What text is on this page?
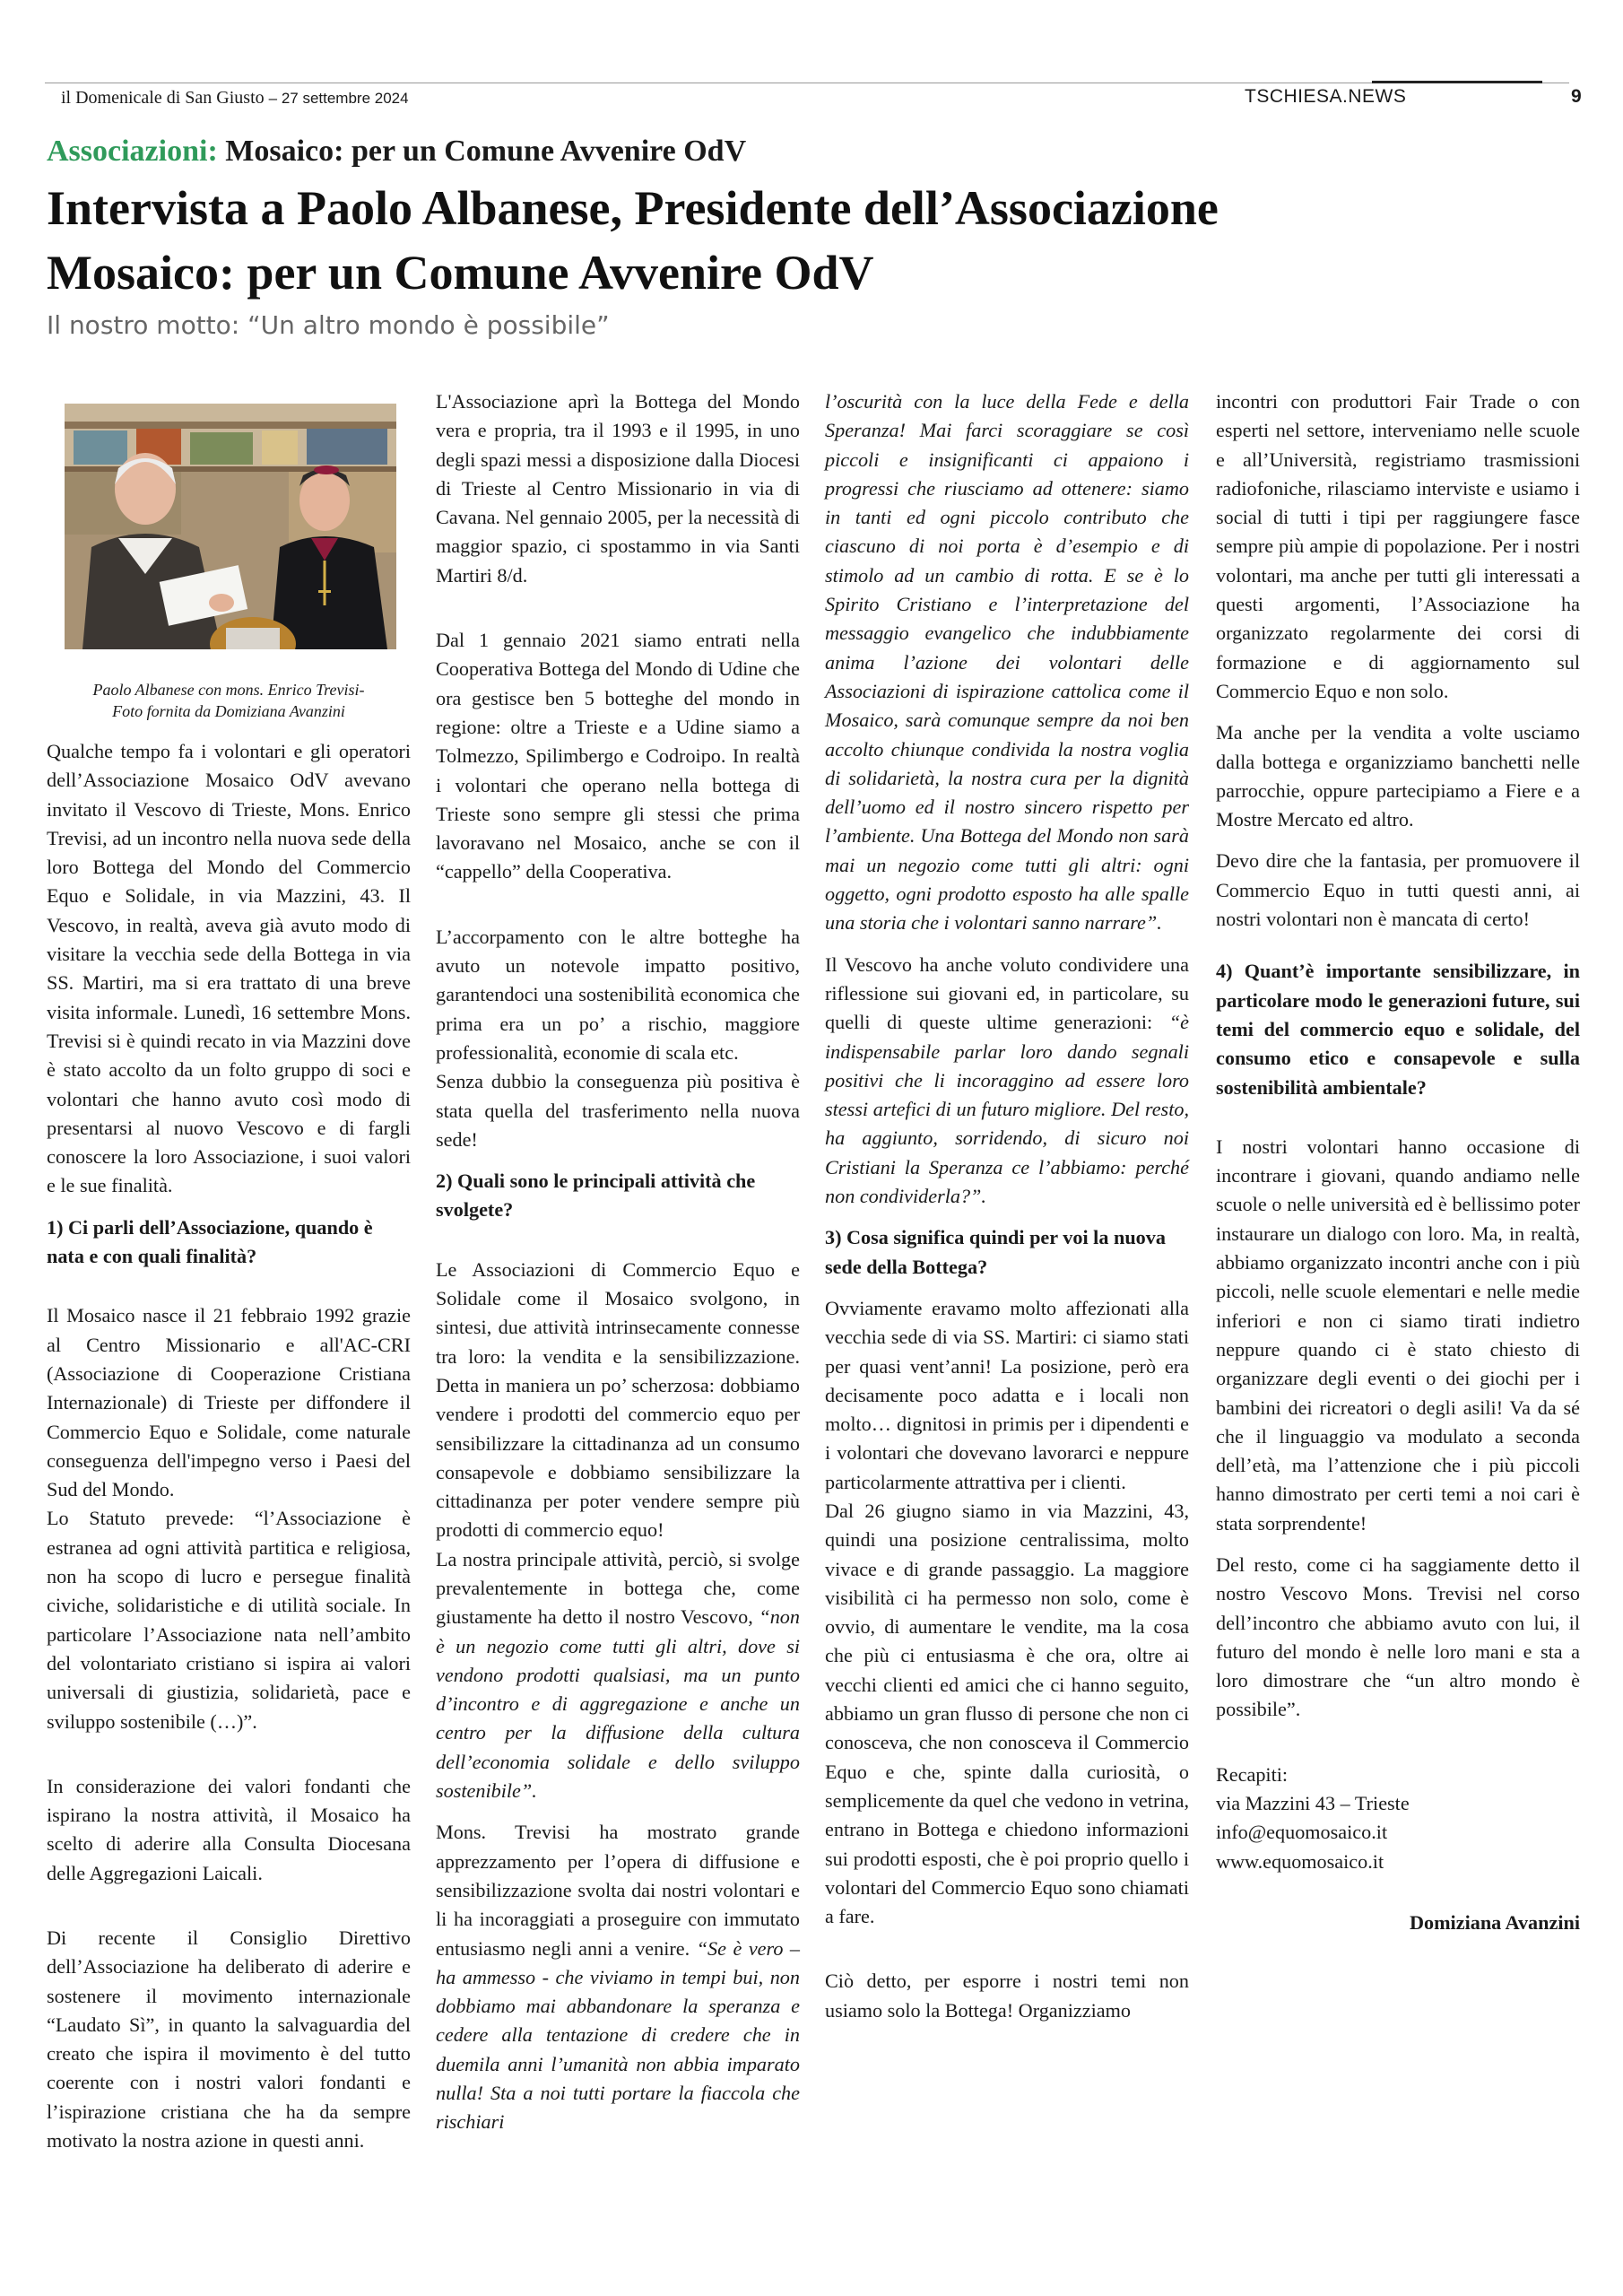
il Domenicale di San Giusto – 27 settembre 2024	TSCHIESA.NEWS	9
Associazioni: Mosaico: per un Comune Avvenire OdV
Intervista a Paolo Albanese, Presidente dell’Associazione
Mosaico: per un Comune Avvenire OdV
Il nostro motto: “Un altro mondo è possibile”
Paolo Albanese con mons. Enrico Trevisi-
Foto fornita da Domiziana Avanzini

Qualche tempo fa i volontari e gli operatori dell’Associazione Mosaico OdV avevano invitato il Vescovo di Trieste, Mons. Enrico Trevisi, ad un incontro nella nuova sede della loro Bottega del Mondo del Commercio Equo e Solidale, in via Mazzini, 43. Il Vescovo, in realtà, aveva già avuto modo di visitare la vecchia sede della Bottega in via SS. Martiri, ma si era trattato di una breve visita informale. Lunedì, 16 settembre Mons. Trevisi si è quindi recato in via Mazzini dove è stato accolto da un folto gruppo di soci e volontari che hanno avuto così modo di presentarsi al nuovo Vescovo e di fargli conoscere la loro Associazione, i suoi valori e le sue finalità.

1) Ci parli dell’Associazione, quando è nata e con quali finalità?

Il Mosaico nasce il 21 febbraio 1992 grazie al Centro Missionario e all'AC-CRI (Associazione di Cooperazione Cristiana Internazionale) di Trieste per diffondere il Commercio Equo e Solidale, come naturale conseguenza dell'impegno verso i Paesi del Sud del Mondo.

Lo Statuto prevede: “l’Associazione è estranea ad ogni attività partitica e religiosa, non ha scopo di lucro e persegue finalità civiche, solidaristiche e di utilità sociale. In particolare l’Associazione nata nell’ambito del volontariato cristiano si ispira ai valori universali di giustizia, solidarietà, pace e sviluppo sostenibile (…)”.

In considerazione dei valori fondanti che ispirano la nostra attività, il Mosaico ha scelto di aderire alla Consulta Diocesana delle Aggregazioni Laicali.

Di recente il Consiglio Direttivo dell’Associazione ha deliberato di aderire e sostenere il movimento internazionale “Laudato Sì”, in quanto la salvaguardia del creato che ispira il movimento è del tutto coerente con i nostri valori fondanti e l’ispirazione cristiana che ha da sempre motivato la nostra azione in questi anni.

L'Associazione aprì la Bottega del Mondo vera e propria, tra il 1993 e il 1995, in uno degli spazi messi a disposizione dalla Diocesi di Trieste al Centro Missionario in via di Cavana. Nel gennaio 2005, per la necessità di maggior spazio, ci spostammo in via Santi Martiri 8/d.

Dal 1 gennaio 2021 siamo entrati nella Cooperativa Bottega del Mondo di Udine che ora gestisce ben 5 botteghe del mondo in regione: oltre a Trieste e a Udine siamo a Tolmezzo, Spilimbergo e Codroipo. In realtà i volontari che operano nella bottega di Trieste sono sempre gli stessi che prima lavoravano nel Mosaico, anche se con il “cappello” della Cooperativa.

L’accorpamento con le altre botteghe ha avuto un notevole impatto positivo, garantendoci una sostenibilità economica che prima era un po’ a rischio, maggiore professionalità, economie di scala etc.

Senza dubbio la conseguenza più positiva è stata quella del trasferimento nella nuova sede!

2) Quali sono le principali attività che svolgete?

Le Associazioni di Commercio Equo e Solidale come il Mosaico svolgono, in sintesi, due attività intrinsecamente connesse tra loro: la vendita e la sensibilizzazione. Detta in maniera un po’ scherzosa: dobbiamo vendere i prodotti del commercio equo per sensibilizzare la cittadinanza ad un consumo consapevole e dobbiamo sensibilizzare la cittadinanza per poter vendere sempre più prodotti di commercio equo!

La nostra principale attività, perciò, si svolge prevalentemente in bottega che, come giustamente ha detto il nostro Vescovo, “non è un negozio come tutti gli altri, dove si vendono prodotti qualsiasi, ma un punto d’incontro e di aggregazione e anche un centro per la diffusione della cultura dell’economia solidale e dello sviluppo sostenibile”.

Mons. Trevisi ha mostrato grande apprezzamento per l’opera di diffusione e sensibilizzazione svolta dai nostri volontari e li ha incoraggiati a proseguire con immutato entusiasmo negli anni a venire. “Se è vero – ha ammesso - che viviamo in tempi bui, non dobbiamo mai abbandonare la speranza e cedere alla tentazione di credere che in duemila anni l’umanità non abbia imparato nulla! Sta a noi tutti portare la fiaccola che rischiari

l’oscurità con la luce della Fede e della Speranza! Mai farci scoraggiare se così piccoli e insignificanti ci appaiono i progressi che riusciamo ad ottenere: siamo in tanti ed ogni piccolo contributo che ciascuno di noi porta è d’esempio e di stimolo ad un cambio di rotta. E se è lo Spirito Cristiano e l’interpretazione del messaggio evangelico che indubbiamente anima l’azione dei volontari delle Associazioni di ispirazione cattolica come il Mosaico, sarà comunque sempre da noi ben accolto chiunque condivida la nostra voglia di solidarietà, la nostra cura per la dignità dell’uomo ed il nostro sincero rispetto per l’ambiente. Una Bottega del Mondo non sarà mai un negozio come tutti gli altri: ogni oggetto, ogni prodotto esposto ha alle spalle una storia che i volontari sanno narrare”.

Il Vescovo ha anche voluto condividere una riflessione sui giovani ed, in particolare, su quelli di queste ultime generazioni: “è indispensabile parlar loro dando segnali positivi che li incoraggino ad essere loro stessi artefici di un futuro migliore. Del resto, ha aggiunto, sorridendo, di sicuro noi Cristiani la Speranza ce l’abbiamo: perché non condividerla?”.

3) Cosa significa quindi per voi la nuova sede della Bottega?

Ovviamente eravamo molto affezionati alla vecchia sede di via SS. Martiri: ci siamo stati per quasi vent’anni! La posizione, però era decisamente poco adatta e i locali non molto… dignitosi in primis per i dipendenti e i volontari che dovevano lavorarci e neppure particolarmente attrattiva per i clienti.

Dal 26 giugno siamo in via Mazzini, 43, quindi una posizione centralissima, molto vivace e di grande passaggio. La maggiore visibilità ci ha permesso non solo, come è ovvio, di aumentare le vendite, ma la cosa che più ci entusiasma è che ora, oltre ai vecchi clienti ed amici che ci hanno seguito, abbiamo un gran flusso di persone che non ci conosceva, che non conosceva il Commercio Equo e che, spinte dalla curiosità, o semplicemente da quel che vedono in vetrina, entrano in Bottega e chiedono informazioni sui prodotti esposti, che è poi proprio quello i volontari del Commercio Equo sono chiamati a fare.

Ciò detto, per esporre i nostri temi non usiamo solo la Bottega! Organizziamo

incontri con produttori Fair Trade o con esperti nel settore, interveniamo nelle scuole e all’Università, registriamo trasmissioni radiofoniche, rilasciamo interviste e usiamo i social di tutti i tipi per raggiungere fasce sempre più ampie di popolazione. Per i nostri volontari, ma anche per tutti gli interessati a questi argomenti, l’Associazione ha organizzato regolarmente dei corsi di formazione e di aggiornamento sul Commercio Equo e non solo.

Ma anche per la vendita a volte usciamo dalla bottega e organizziamo banchetti nelle parrocchie, oppure partecipiamo a Fiere e a Mostre Mercato ed altro.

Devo dire che la fantasia, per promuovere il Commercio Equo in tutti questi anni, ai nostri volontari non è mancata di certo!

4) Quant’è importante sensibilizzare, in particolare modo le generazioni future, sui temi del commercio equo e solidale, del consumo etico e consapevole e sulla sostenibilità ambientale?

I nostri volontari hanno occasione di incontrare i giovani, quando andiamo nelle scuole o nelle università ed è bellissimo poter instaurare un dialogo con loro. Ma, in realtà, abbiamo organizzato incontri anche con i più piccoli, nelle scuole elementari e nelle medie inferiori e non ci siamo tirati indietro neppure quando ci è stato chiesto di organizzare degli eventi o dei giochi per i bambini dei ricreatori o degli asili! Va da sé che il linguaggio va modulato a seconda dell’età, ma l’attenzione che i più piccoli hanno dimostrato per certi temi a noi cari è stata sorprendente!

Del resto, come ci ha saggiamente detto il nostro Vescovo Mons. Trevisi nel corso dell’incontro che abbiamo avuto con lui, il futuro del mondo è nelle loro mani e sta a loro dimostrare che “un altro mondo è possibile”.

Recapiti:
via Mazzini 43 – Trieste
info@equomosaico.it
www.equomosaico.it
Domiziana Avanzini
